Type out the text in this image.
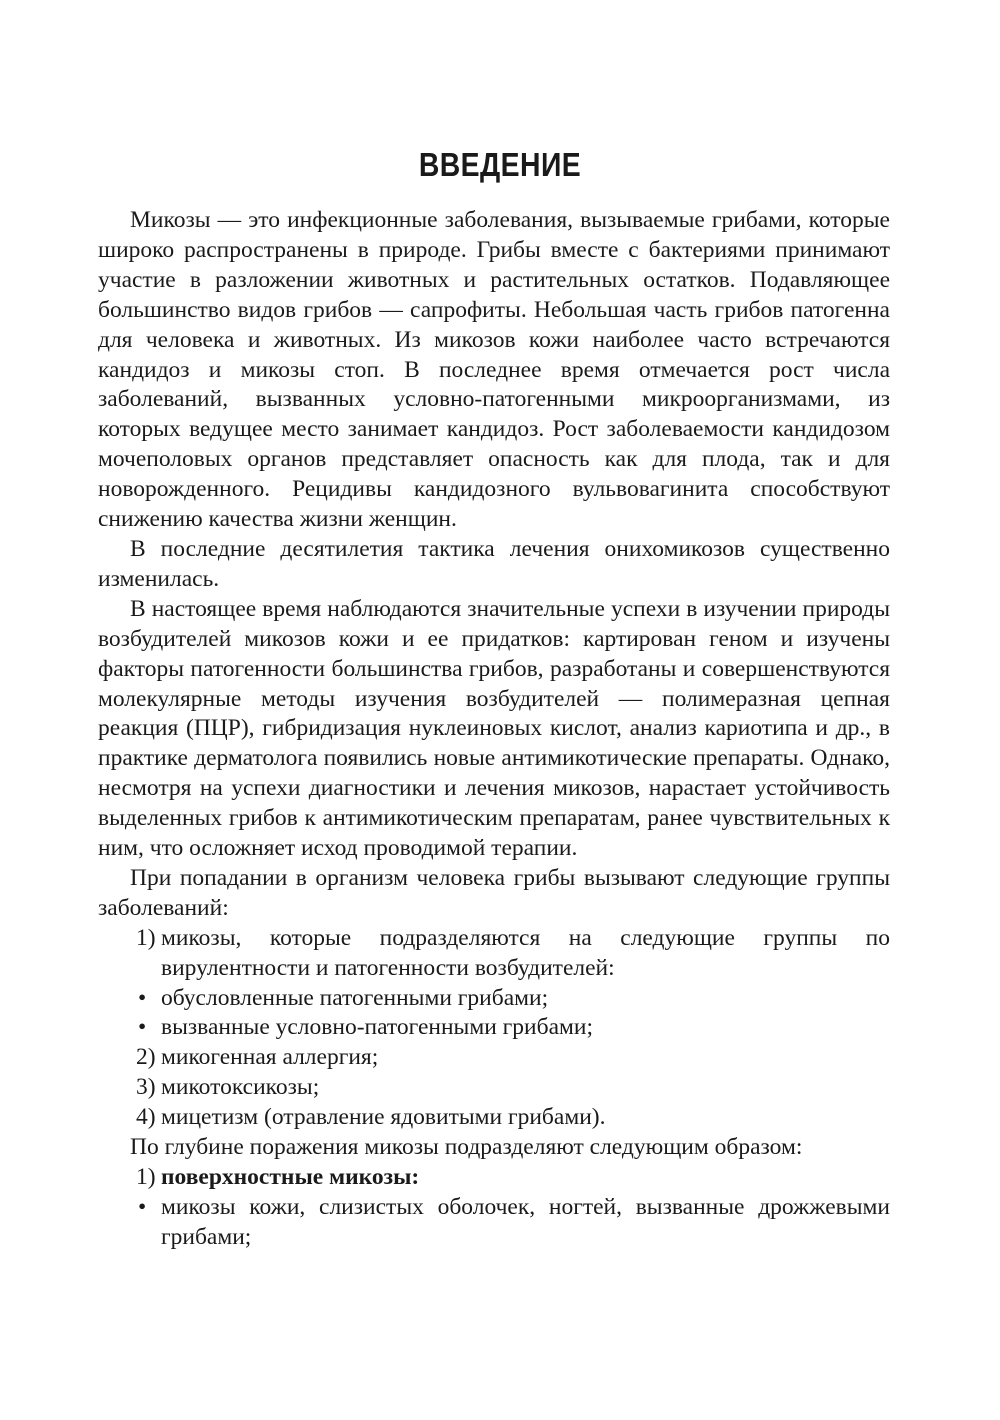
ВВЕДЕНИЕ

Микозы — это инфекционные заболевания, вызываемые грибами, которые широко распространены в природе. Грибы вместе с бактериями принимают участие в разложении животных и растительных остатков. Подавляющее большинство видов грибов — сапрофиты. Небольшая часть грибов патогенна для человека и животных. Из микозов кожи наиболее часто встречаются кандидоз и микозы стоп. В последнее время отмечается рост числа заболеваний, вызванных условно-патогенными микроорганизмами, из которых ведущее место занимает кандидоз. Рост заболеваемости кандидозом мочеполовых органов представляет опасность как для плода, так и для новорожденного. Рецидивы кандидозного вульвовагинита способствуют снижению качества жизни женщин.

В последние десятилетия тактика лечения онихомикозов существенно изменилась.

В настоящее время наблюдаются значительные успехи в изучении природы возбудителей микозов кожи и ее придатков: картирован геном и изучены факторы патогенности большинства грибов, разработаны и совершенствуются молекулярные методы изучения возбудителей — полимеразная цепная реакция (ПЦР), гибридизация нуклеиновых кислот, анализ кариотипа и др., в практике дерматолога появились новые антимикотические препараты. Однако, несмотря на успехи диагностики и лечения микозов, нарастает устойчивость выделенных грибов к антимикотическим препаратам, ранее чувствительных к ним, что осложняет исход проводимой терапии.

При попадании в организм человека грибы вызывают следующие группы заболеваний:

1) микозы, которые подразделяются на следующие группы по вирулентности и патогенности возбудителей:
• обусловленные патогенными грибами;
• вызванные условно-патогенными грибами;
2) микогенная аллергия;
3) микотоксикозы;
4) мицетизм (отравление ядовитыми грибами).

По глубине поражения микозы подразделяют следующим образом:

1) поверхностные микозы:
• микозы кожи, слизистых оболочек, ногтей, вызванные дрожжевыми грибами;
